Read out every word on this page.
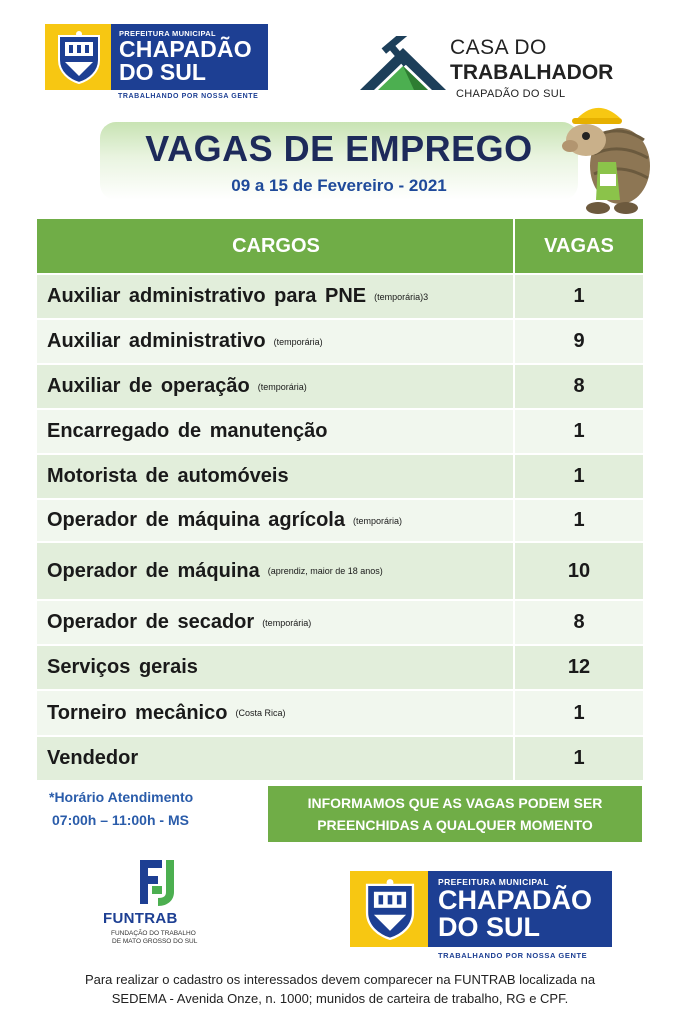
PREFEITURA MUNICIPAL
CHAPADÃO
DO SUL
TRABALHANDO POR NOSSA GENTE
CASA DO
TRABALHADOR
CHAPADÃO DO SUL
VAGAS DE EMPREGO
09 a 15 de Fevereiro - 2021
CARGOS	VAGAS
Auxiliar administrativo para PNE (temporária)3	1
Auxiliar administrativo (temporária)	9
Auxiliar de operação (temporária)	8
Encarregado de manutenção	1
Motorista de automóveis	1
Operador de máquina agrícola (temporária)	1
Operador de máquina (aprendiz, maior de 18 anos)	10
Operador de secador (temporária)	8
Serviços gerais	12
Torneiro mecânico (Costa Rica)	1
Vendedor	1
*Horário Atendimento
07:00h – 11:00h - MS
INFORMAMOS QUE AS VAGAS PODEM SER
PREENCHIDAS A QUALQUER MOMENTO
FUNTRAB
FUNDAÇÃO DO TRABALHO
DE MATO GROSSO DO SUL
PREFEITURA MUNICIPAL
CHAPADÃO
DO SUL
TRABALHANDO POR NOSSA GENTE
Para realizar o cadastro os interessados devem comparecer na FUNTRAB localizada na
SEDEMA - Avenida Onze, n. 1000; munidos de carteira de trabalho, RG e CPF.
